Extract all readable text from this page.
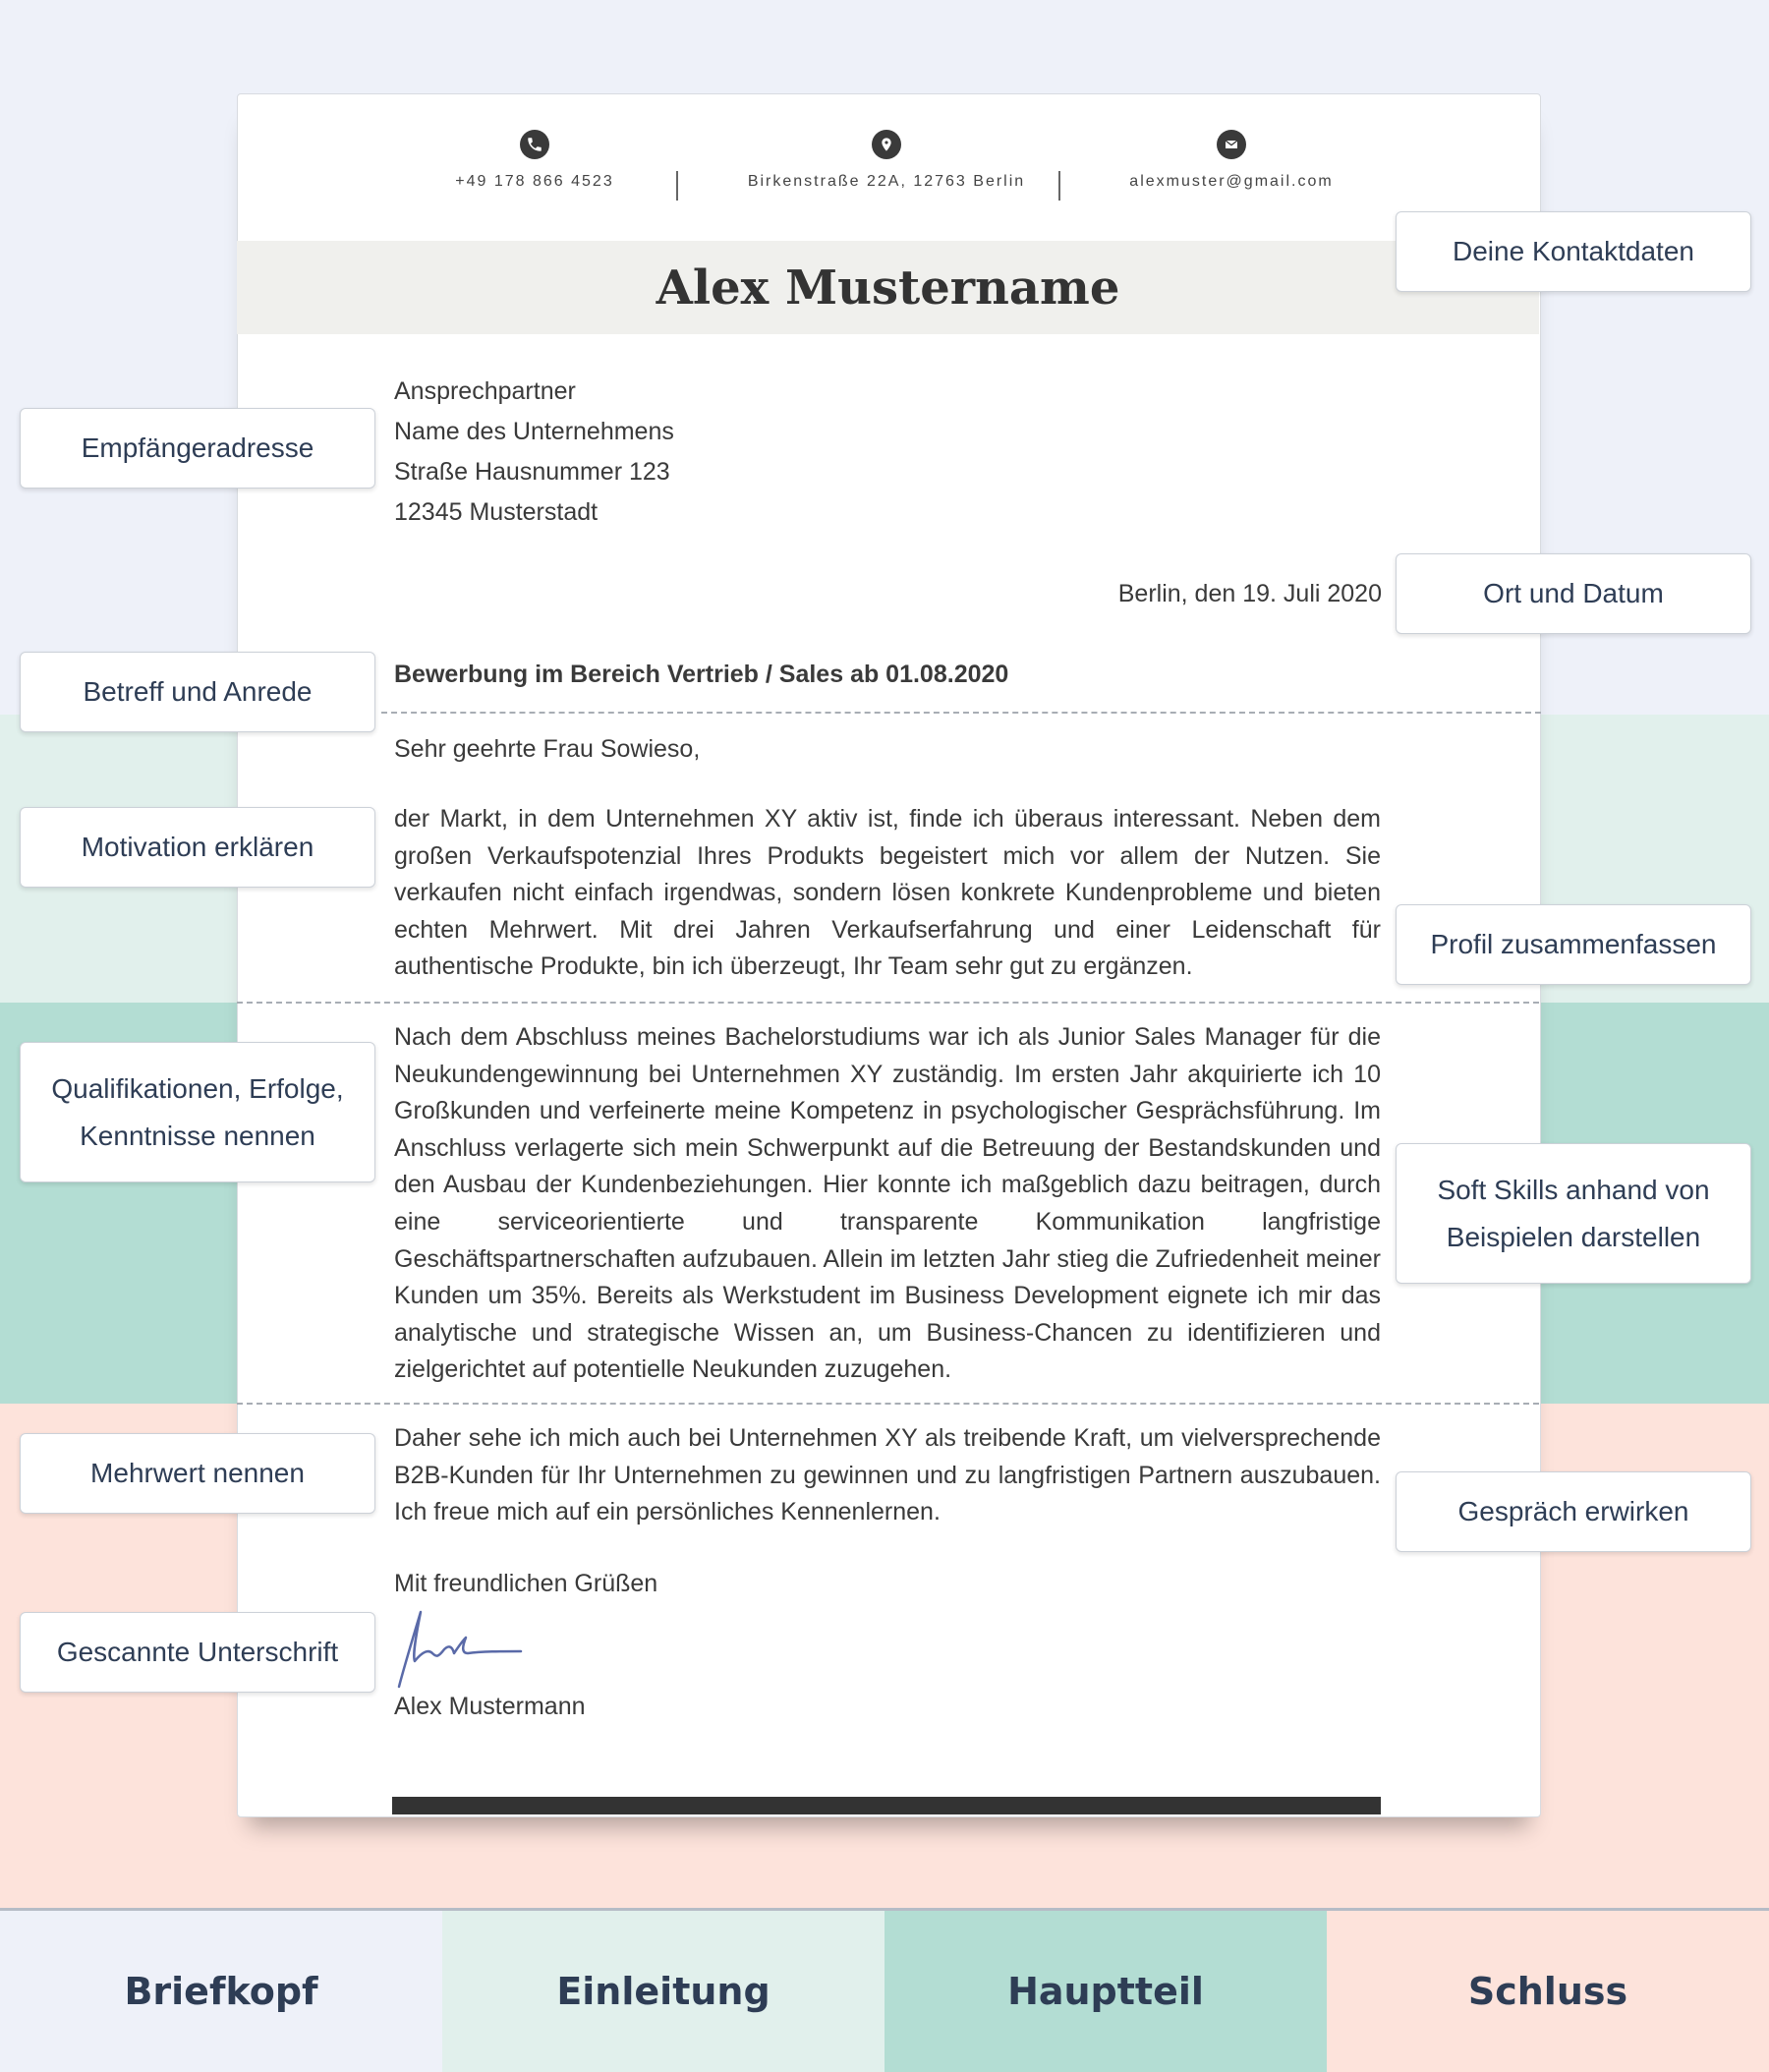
+49 178 866 4523	Birkenstraße 22A, 12763 Berlin	alexmuster@gmail.com
Alex Mustername
Ansprechpartner
Name des Unternehmens
Straße Hausnummer 123
12345 Musterstadt
Berlin, den 19. Juli 2020
Bewerbung im Bereich Vertrieb / Sales ab 01.08.2020
Sehr geehrte Frau Sowieso,
der Markt, in dem Unternehmen XY aktiv ist, finde ich überaus interessant. Neben dem großen Verkaufspotenzial Ihres Produkts begeistert mich vor allem der Nutzen. Sie verkaufen nicht einfach irgendwas, sondern lösen konkrete Kundenprobleme und bieten echten Mehrwert. Mit drei Jahren Verkaufserfahrung und einer Leidenschaft für authentische Produkte, bin ich überzeugt, Ihr Team sehr gut zu ergänzen.
Nach dem Abschluss meines Bachelorstudiums war ich als Junior Sales Manager für die Neukundengewinnung bei Unternehmen XY zuständig. Im ersten Jahr akquirierte ich 10 Großkunden und verfeinerte meine Kompetenz in psychologischer Gesprächsführung. Im Anschluss verlagerte sich mein Schwerpunkt auf die Betreuung der Bestandskunden und den Ausbau der Kundenbeziehungen. Hier konnte ich maßgeblich dazu beitragen, durch eine serviceorientierte und transparente Kommunikation langfristige Geschäftspartnerschaften aufzubauen. Allein im letzten Jahr stieg die Zufriedenheit meiner Kunden um 35%. Bereits als Werkstudent im Business Development eignete ich mir das analytische und strategische Wissen an, um Business-Chancen zu identifizieren und zielgerichtet auf potentielle Neukunden zuzugehen.
Daher sehe ich mich auch bei Unternehmen XY als treibende Kraft, um vielversprechende B2B-Kunden für Ihr Unternehmen zu gewinnen und zu langfristigen Partnern auszubauen. Ich freue mich auf ein persönliches Kennenlernen.
Mit freundlichen Grüßen
Alex Mustermann
Deine Kontaktdaten
Empfängeradresse
Ort und Datum
Betreff und Anrede
Motivation erklären
Profil zusammenfassen
Qualifikationen, Erfolge, Kenntnisse nennen
Soft Skills anhand von Beispielen darstellen
Mehrwert nennen
Gespräch erwirken
Gescannte Unterschrift
Briefkopf	Einleitung	Hauptteil	Schluss
